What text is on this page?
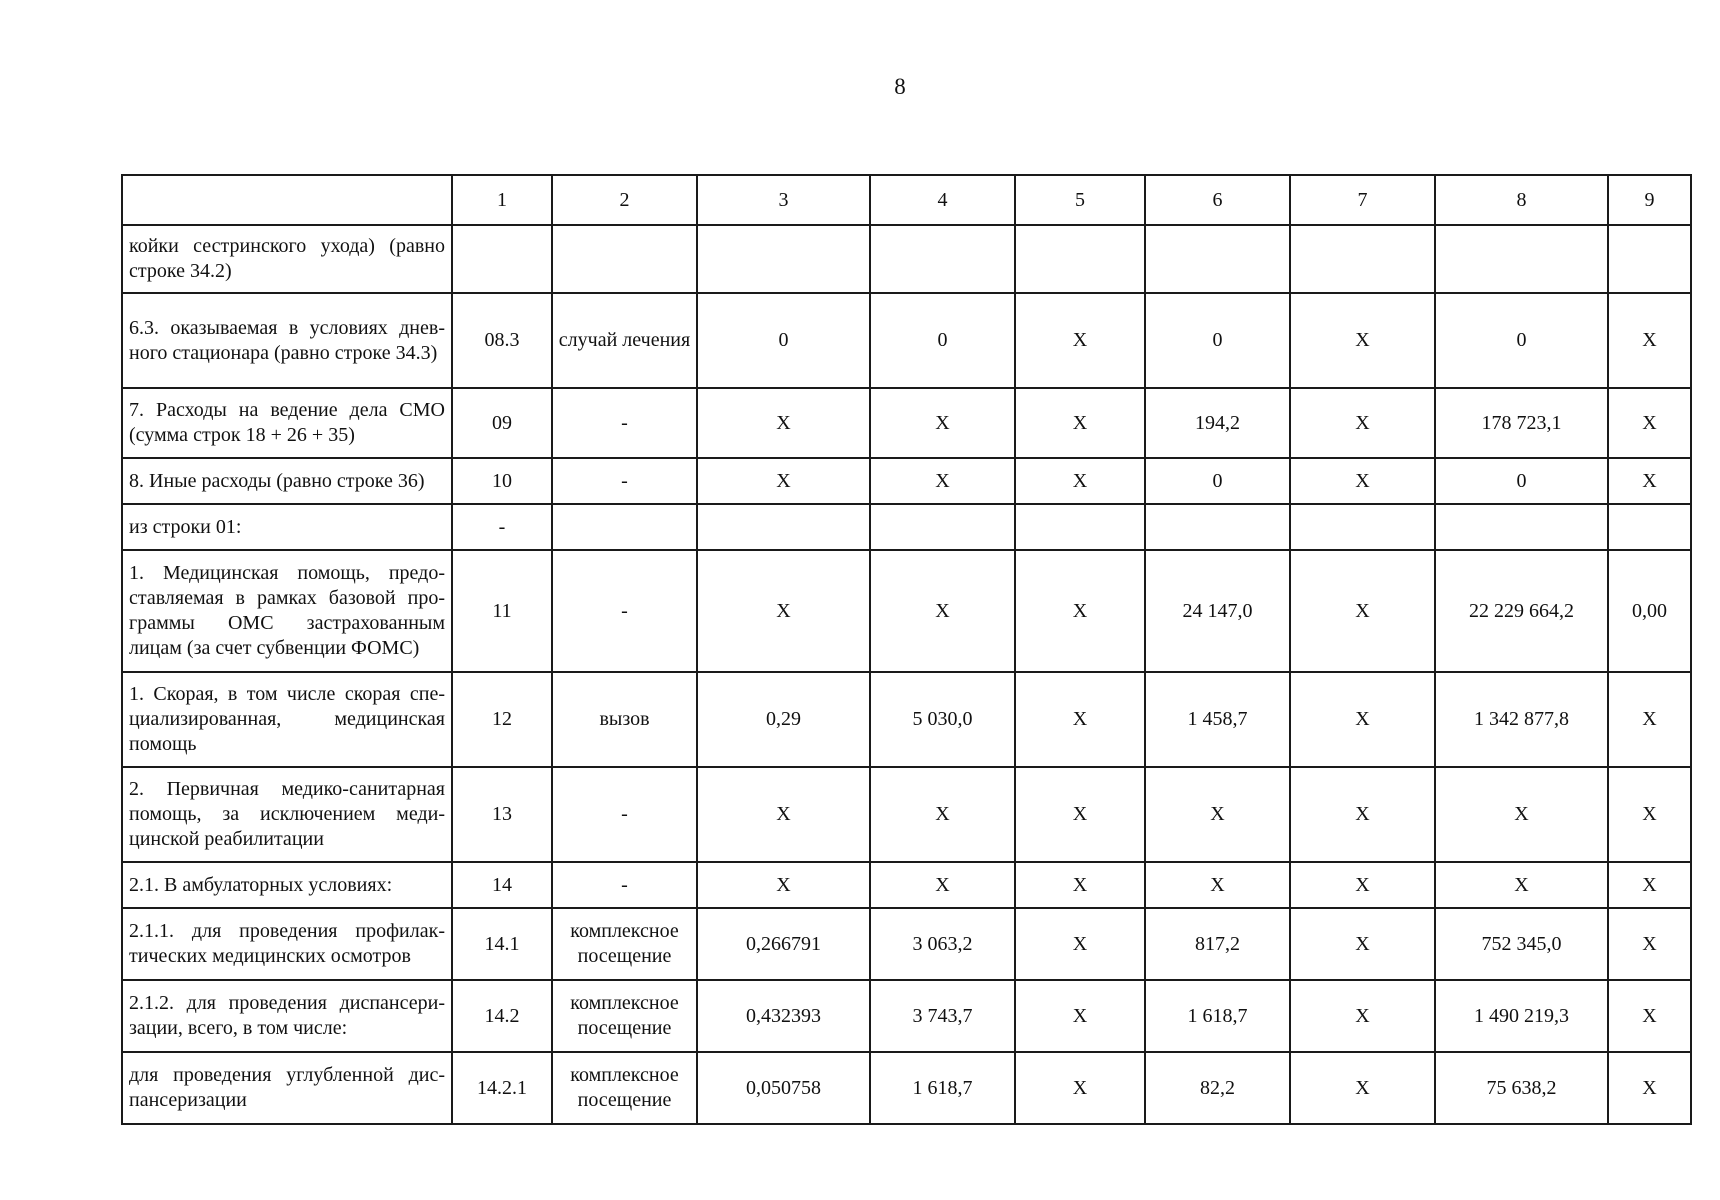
8
	1	2	3	4	5	6	7	8	9
койки сестринского ухода) (равно строке 34.2)									
6.3. оказываемая в условиях дневного стационара (равно строке 34.3)	08.3	случай лечения	0	0	X	0	X	0	X
7. Расходы на ведение дела СМО (сумма строк 18 + 26 + 35)	09	-	X	X	X	194,2	X	178 723,1	X
8. Иные расходы (равно строке 36)	10	-	X	X	X	0	X	0	X
из строки 01:	-								
1. Медицинская помощь, предоставляемая в рамках базовой программы ОМС застрахованным лицам (за счет субвенции ФОМС)	11	-	X	X	X	24 147,0	X	22 229 664,2	0,00
1. Скорая, в том числе скорая специализированная, медицинская помощь	12	вызов	0,29	5 030,0	X	1 458,7	X	1 342 877,8	X
2. Первичная медико-санитарная помощь, за исключением медицинской реабилитации	13	-	X	X	X	X	X	X	X
2.1. В амбулаторных условиях:	14	-	X	X	X	X	X	X	X
2.1.1. для проведения профилактических медицинских осмотров	14.1	комплексное посещение	0,266791	3 063,2	X	817,2	X	752 345,0	X
2.1.2. для проведения диспансеризации, всего, в том числе:	14.2	комплексное посещение	0,432393	3 743,7	X	1 618,7	X	1 490 219,3	X
для проведения углубленной диспансеризации	14.2.1	комплексное посещение	0,050758	1 618,7	X	82,2	X	75 638,2	X
